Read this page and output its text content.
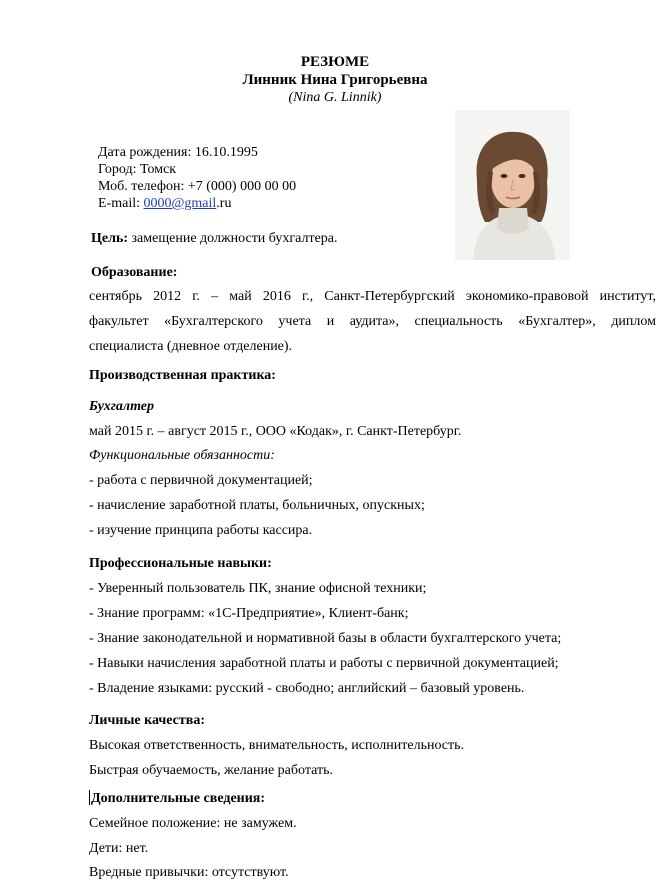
РЕЗЮМЕ
Линник Нина Григорьевна
(Nina G. Linnik)
Дата рождения: 16.10.1995
Город: Томск
Моб. телефон: +7 (000) 000 00 00
E-mail: 0000@gmail.ru
Цель: замещение должности бухгалтера.
Образование:
сентябрь 2012 г. – май 2016 г., Санкт-Петербургский экономико-правовой институт,
факультет «Бухгалтерского учета и аудита», специальность «Бухгалтер», диплом
специалиста (дневное отделение).
Производственная практика:
Бухгалтер
май 2015 г. – август 2015 г., ООО «Кодак», г. Санкт-Петербург.
Функциональные обязанности:
- работа с первичной документацией;
- начисление заработной платы, больничных, опускных;
- изучение принципа работы кассира.
Профессиональные навыки:
- Уверенный пользователь ПК, знание офисной техники;
- Знание программ: «1С-Предприятие», Клиент-банк;
- Знание законодательной и нормативной базы в области бухгалтерского учета;
- Навыки начисления заработной платы и работы с первичной документацией;
- Владение языками: русский - свободно; английский – базовый уровень.
Личные качества:
Высокая ответственность, внимательность, исполнительность.
Быстрая обучаемость, желание работать.
Дополнительные сведения:
Семейное положение: не замужем.
Дети: нет.
Вредные привычки: отсутствуют.
